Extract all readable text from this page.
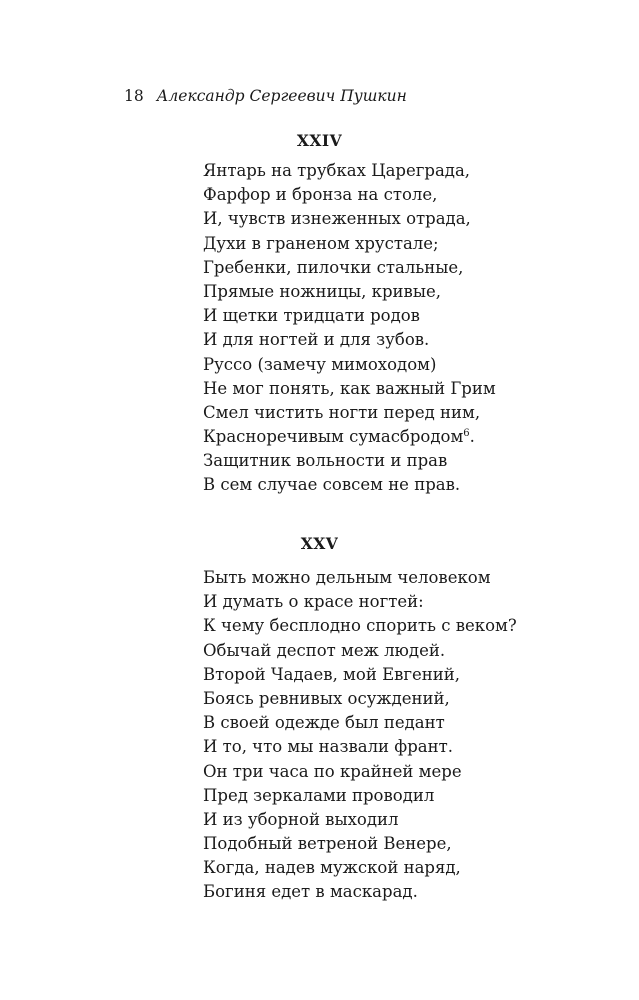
18 Александр Сергеевич Пушкин
XXIV
Янтарь на трубках Цареграда,
Фарфор и бронза на столе,
И, чувств изнеженных отрада,
Духи в граненом хрустале;
Гребенки, пилочки стальные,
Прямые ножницы, кривые,
И щетки тридцати родов
И для ногтей и для зубов.
Руссо (замечу мимоходом)
Не мог понять, как важный Грим
Смел чистить ногти перед ним,
Красноречивым сумасбродом$^6$.
Защитник вольности и прав
В сем случае совсем не прав.
XXV
Быть можно дельным человеком
И думать о красе ногтей:
К чему бесплодно спорить с веком?
Обычай деспот меж людей.
Второй Чадаев, мой Евгений,
Боясь ревнивых осуждений,
В своей одежде был педант
И то, что мы назвали франт.
Он три часа по крайней мере
Пред зеркалами проводил
И из уборной выходил
Подобный ветреной Венере,
Когда, надев мужской наряд,
Богиня едет в маскарад.
